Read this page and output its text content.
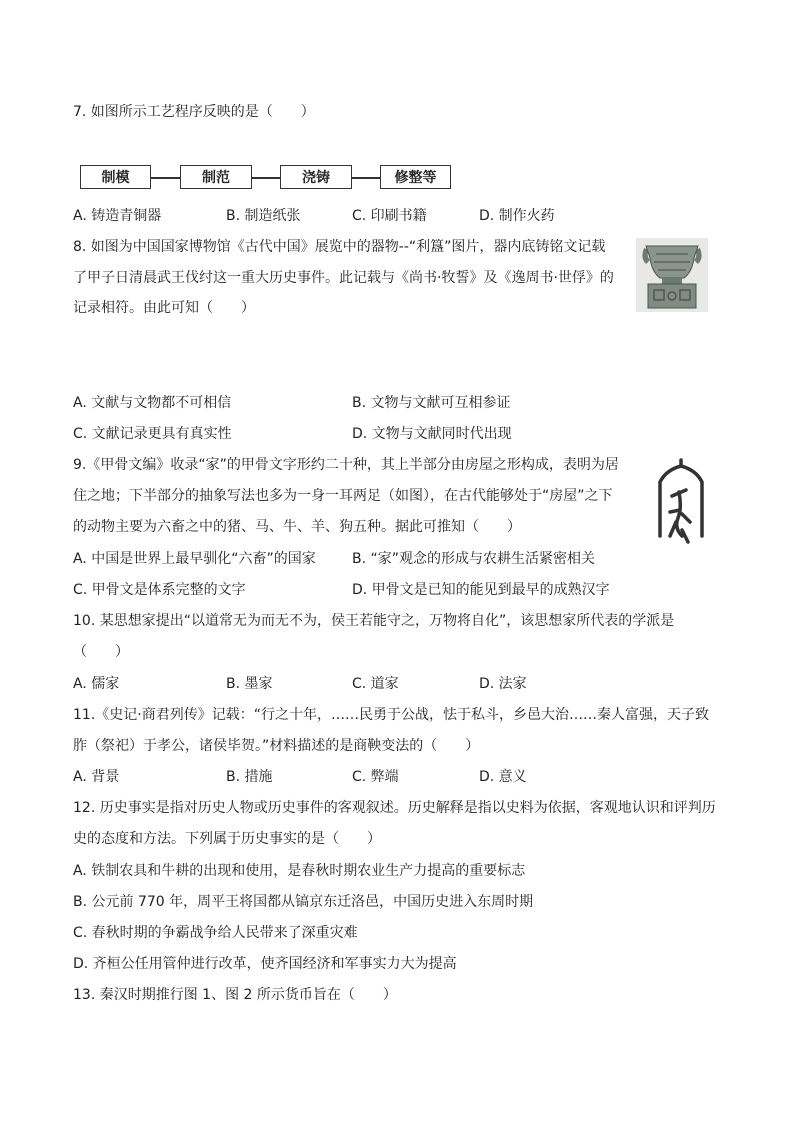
7. 如图所示工艺程序反映的是（　　）
制模	制范	浇铸	修整等
A. 铸造青铜器	B. 制造纸张	C. 印刷书籍	D. 制作火药
8. 如图为中国国家博物馆《古代中国》展览中的器物--“利簋”图片，器内底铸铭文记载
了甲子日清晨武王伐纣这一重大历史事件。此记载与《尚书·牧誓》及《逸周书·世俘》的
记录相符。由此可知（　　）
A. 文献与文物都不可相信	B. 文物与文献可互相参证
C. 文献记录更具有真实性	D. 文物与文献同时代出现
9.《甲骨文编》收录“家”的甲骨文字形约二十种，其上半部分由房屋之形构成，表明为居
住之地；下半部分的抽象写法也多为一身一耳两足（如图），在古代能够处于“房屋”之下
的动物主要为六畜之中的猪、马、牛、羊、狗五种。据此可推知（　　）
A. 中国是世界上最早驯化“六畜”的国家	B. “家”观念的形成与农耕生活紧密相关
C. 甲骨文是体系完整的文字	D. 甲骨文是已知的能见到最早的成熟汉字
10. 某思想家提出“以道常无为而无不为，侯王若能守之，万物将自化”，该思想家所代表的学派是
（　　）
A. 儒家	B. 墨家	C. 道家	D. 法家
11.《史记·商君列传》记载：“行之十年，……民勇于公战，怯于私斗，乡邑大治……秦人富强，天子致
胙（祭祀）于孝公，诸侯毕贺。”材料描述的是商鞅变法的（　　）
A. 背景	B. 措施	C. 弊端	D. 意义
12. 历史事实是指对历史人物或历史事件的客观叙述。历史解释是指以史料为依据，客观地认识和评判历
史的态度和方法。下列属于历史事实的是（　　）
A. 铁制农具和牛耕的出现和使用，是春秋时期农业生产力提高的重要标志
B. 公元前 770 年，周平王将国都从镐京东迁洛邑，中国历史进入东周时期
C. 春秋时期的争霸战争给人民带来了深重灾难
D. 齐桓公任用管仲进行改革，使齐国经济和军事实力大为提高
13. 秦汉时期推行图 1、图 2 所示货币旨在（　　）
